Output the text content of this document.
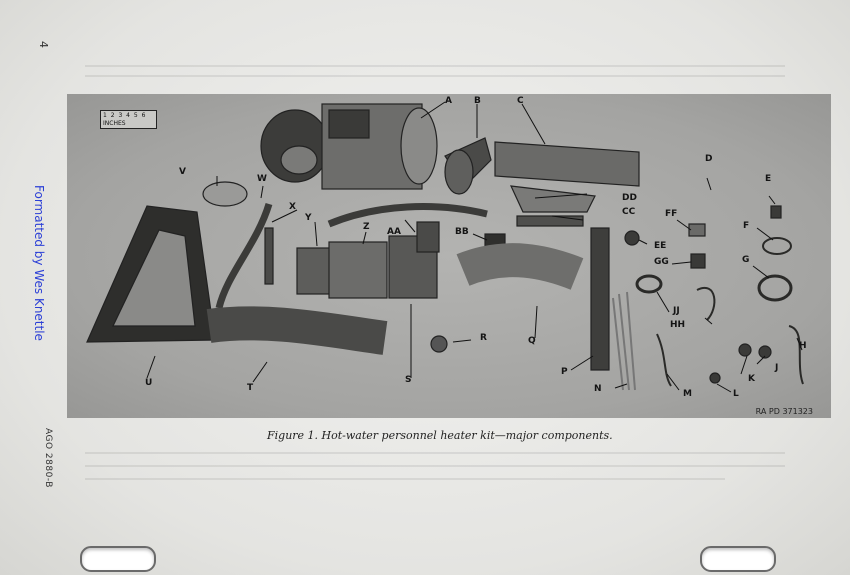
4
Formatted by Wes Knettle
AGO 2880-B
1 2 3 4 5 6
INCHES
A B	C
D
E
F
G
H
J
K
L
M
N
P
Q
R
S
T
U
V
W
X
Y
Z AA	BB
CC
DD
EE
FF
GG
HH
JJ
RA PD 371323
Figure 1. Hot-water personnel heater kit—major components.
